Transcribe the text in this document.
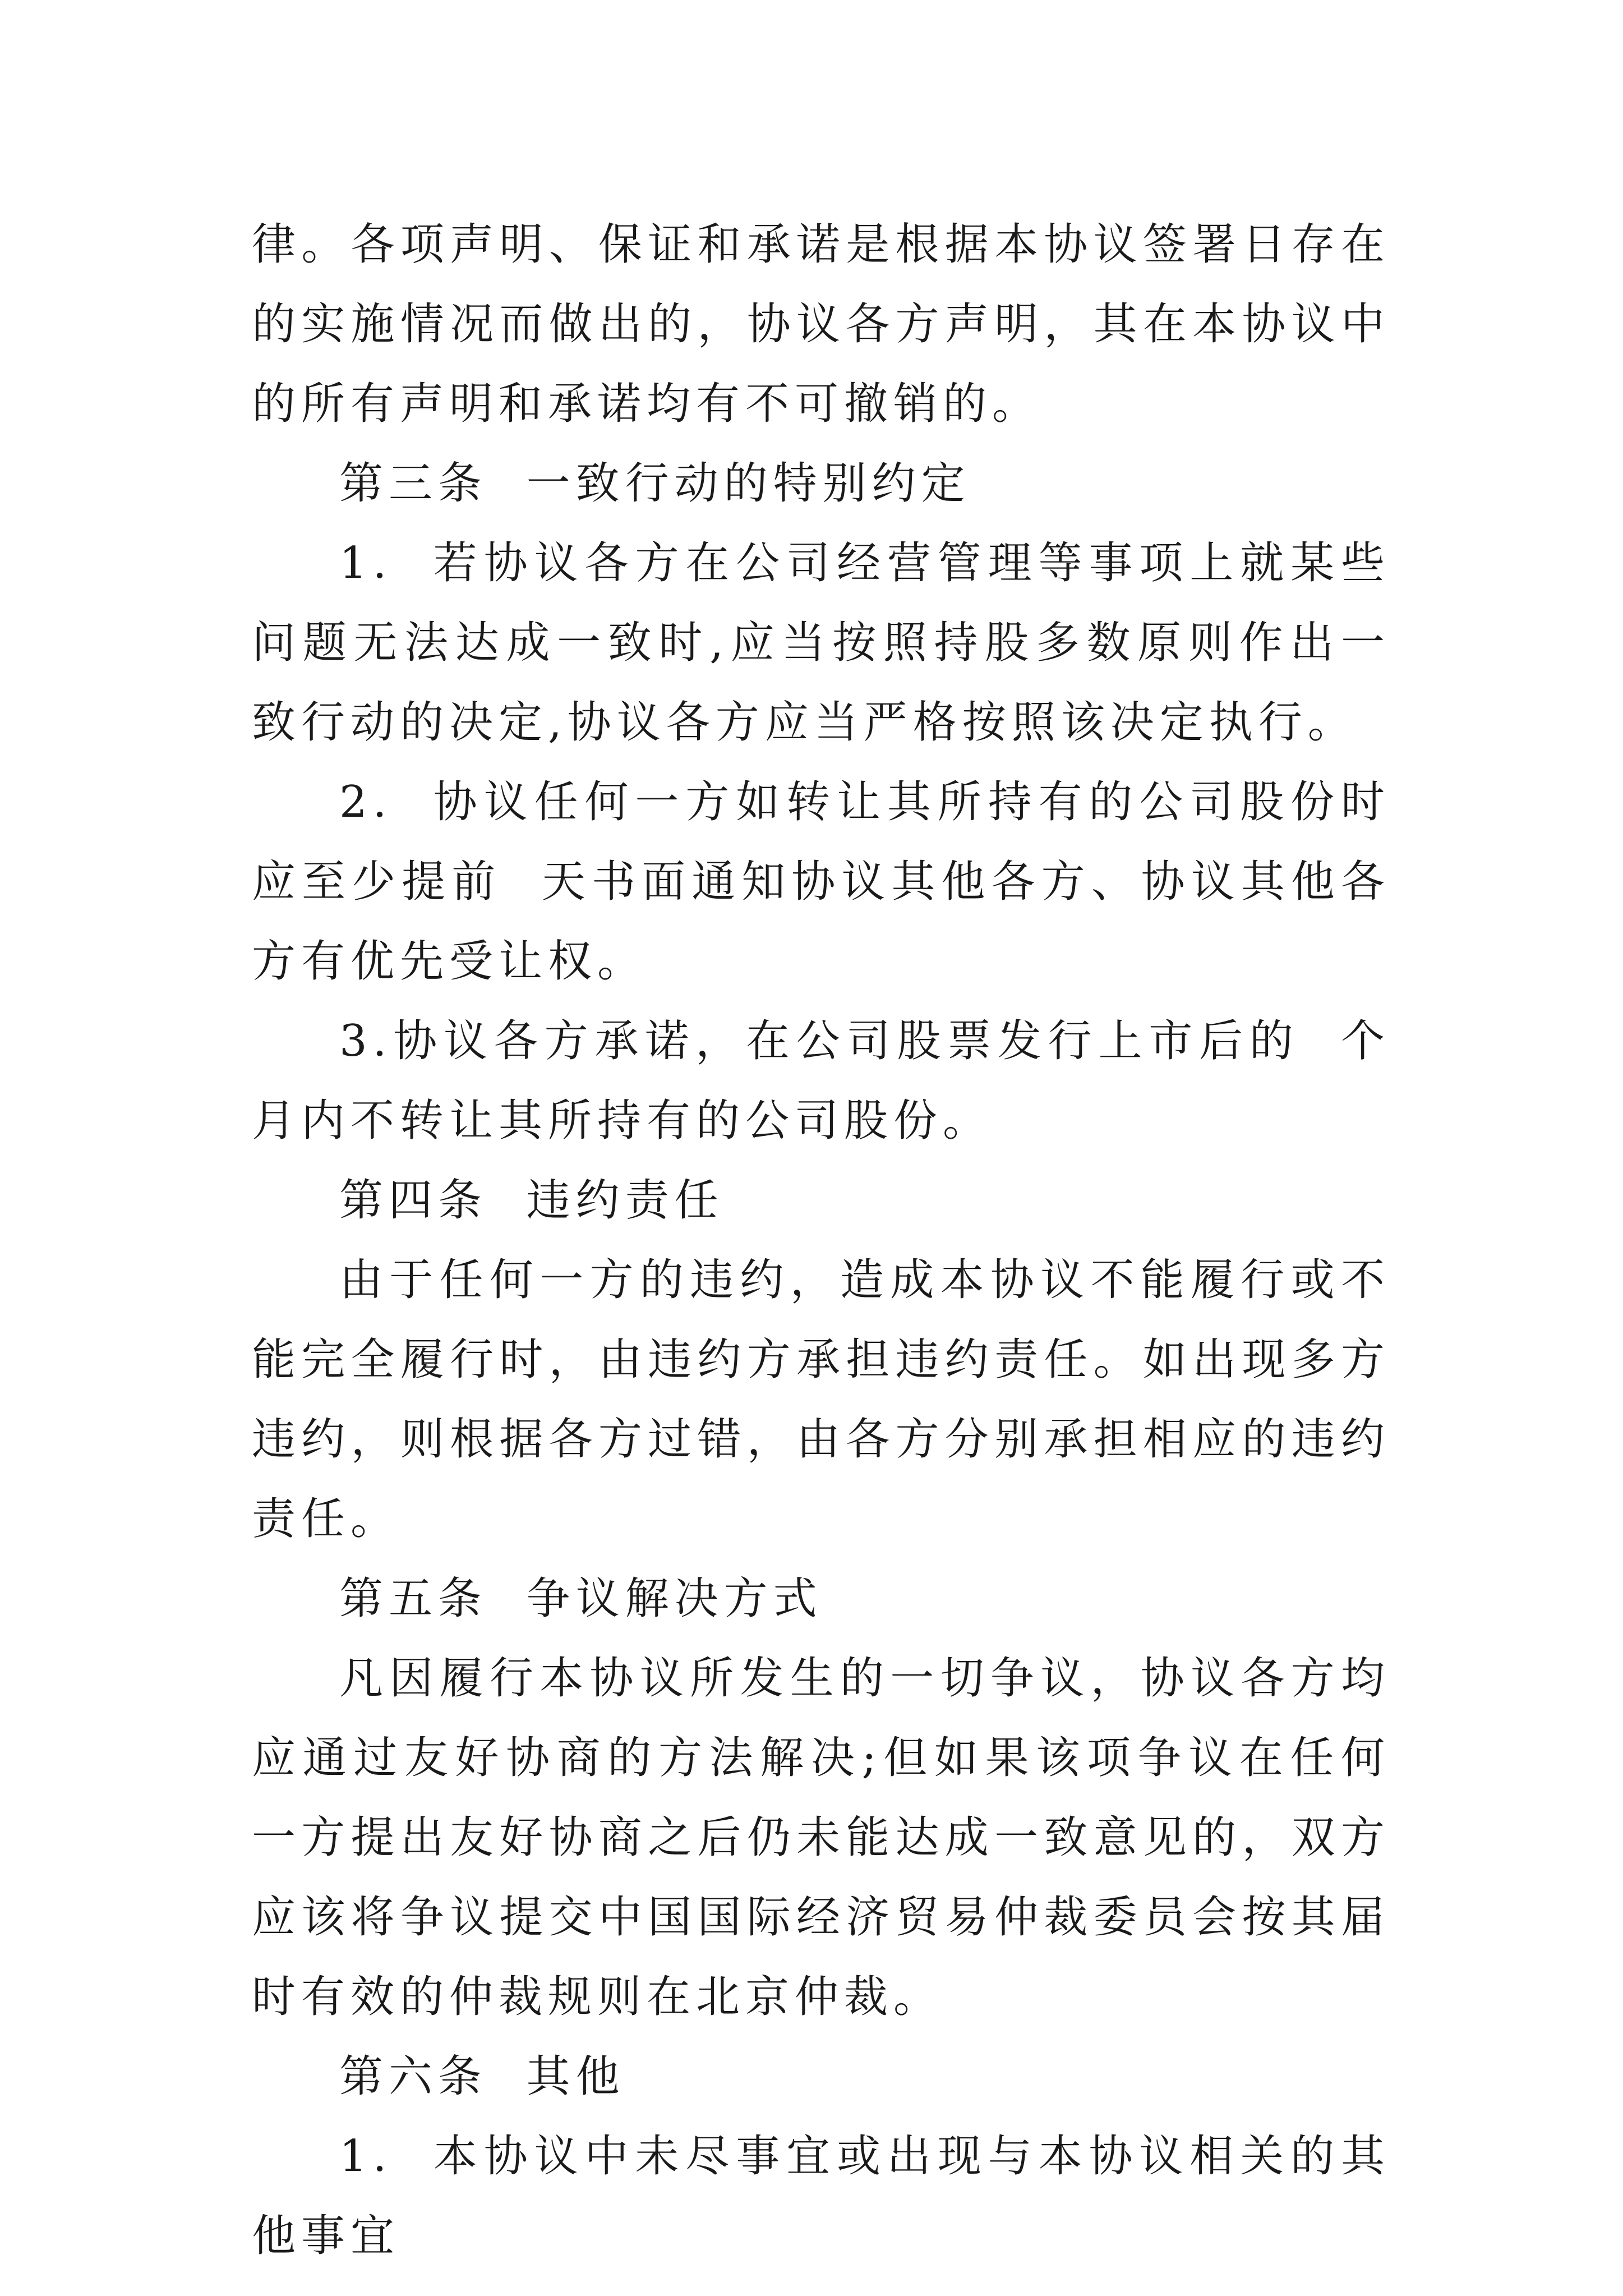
律。各项声明、保证和承诺是根据本协议签署日存在的实施情况而做出的，协议各方声明，其在本协议中的所有声明和承诺均有不可撤销的。

第三条  一致行动的特别约定

1.  若协议各方在公司经营管理等事项上就某些问题无法达成一致时,应当按照持股多数原则作出一致行动的决定,协议各方应当严格按照该决定执行。

2.  协议任何一方如转让其所持有的公司股份时应至少提前  天书面通知协议其他各方、协议其他各方有优先受让权。

3.协议各方承诺，在公司股票发行上市后的  个月内不转让其所持有的公司股份。

第四条  违约责任

由于任何一方的违约，造成本协议不能履行或不能完全履行时，由违约方承担违约责任。如出现多方违约，则根据各方过错，由各方分别承担相应的违约责任。

第五条  争议解决方式

凡因履行本协议所发生的一切争议，协议各方均应通过友好协商的方法解决;但如果该项争议在任何一方提出友好协商之后仍未能达成一致意见的，双方应该将争议提交中国国际经济贸易仲裁委员会按其届时有效的仲裁规则在北京仲裁。

第六条  其他

1.  本协议中未尽事宜或出现与本协议相关的其他事宜
